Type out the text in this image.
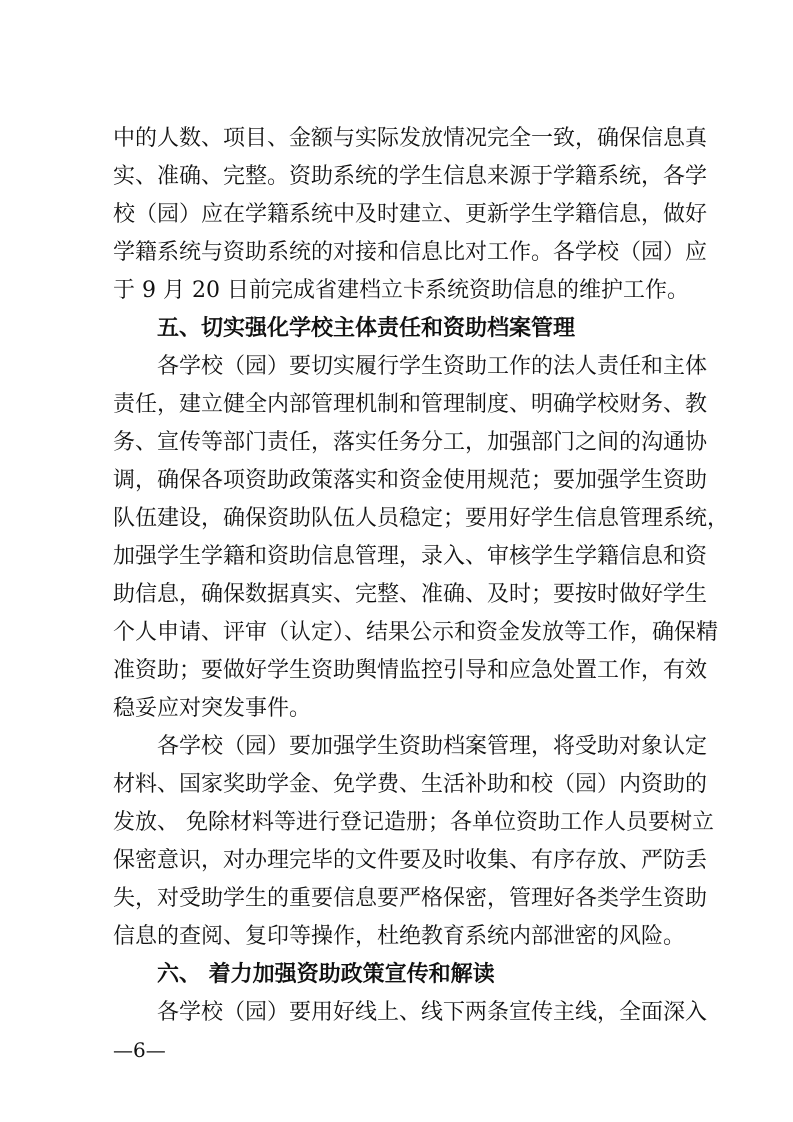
中的人数、项目、金额与实际发放情况完全一致，确保信息真
实、准确、完整。资助系统的学生信息来源于学籍系统，各学
校（园）应在学籍系统中及时建立、更新学生学籍信息，做好
学籍系统与资助系统的对接和信息比对工作。各学校（园）应
于 9 月 20 日前完成省建档立卡系统资助信息的维护工作。
五、切实强化学校主体责任和资助档案管理
各学校（园）要切实履行学生资助工作的法人责任和主体
责任，建立健全内部管理机制和管理制度、明确学校财务、教
务、宣传等部门责任，落实任务分工，加强部门之间的沟通协
调，确保各项资助政策落实和资金使用规范；要加强学生资助
队伍建设，确保资助队伍人员稳定；要用好学生信息管理系统，
加强学生学籍和资助信息管理，录入、审核学生学籍信息和资
助信息，确保数据真实、完整、准确、及时；要按时做好学生
个人申请、评审（认定）、结果公示和资金发放等工作，确保精
准资助；要做好学生资助舆情监控引导和应急处置工作，有效
稳妥应对突发事件。
各学校（园）要加强学生资助档案管理，将受助对象认定
材料、国家奖助学金、免学费、生活补助和校（园）内资助的
发放、 免除材料等进行登记造册；各单位资助工作人员要树立
保密意识，对办理完毕的文件要及时收集、有序存放、严防丢
失，对受助学生的重要信息要严格保密，管理好各类学生资助
信息的查阅、复印等操作，杜绝教育系统内部泄密的风险。
六、 着力加强资助政策宣传和解读
各学校（园）要用好线上、线下两条宣传主线，全面深入
—6—
